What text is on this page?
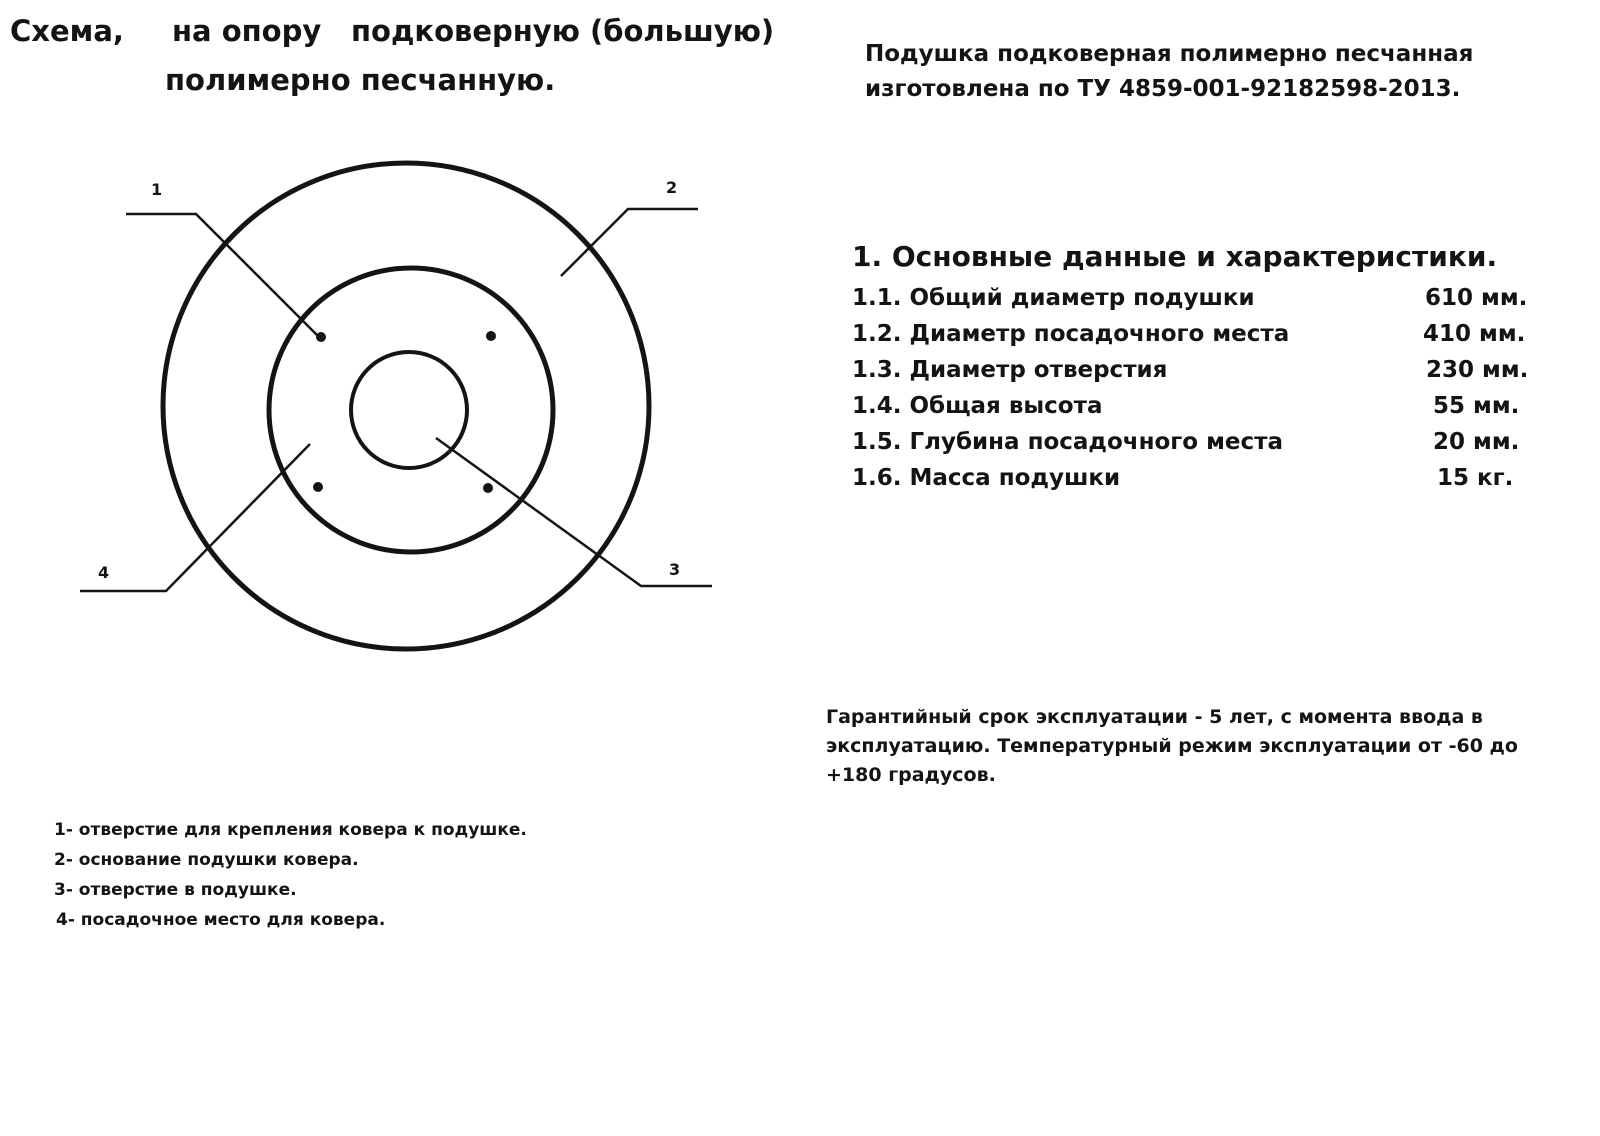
Схема, на опору подковерную (большую)
полимерно песчанную.
Подушка подковерная полимерно песчанная
изготовлена по ТУ 4859-001-92182598-2013.
1. Основные данные и характеристики.
1.1. Общий диаметр подушки	610 мм.
1.2. Диаметр посадочного места	410 мм.
1.3. Диаметр отверстия	230 мм.
1.4. Общая высота	55 мм.
1.5. Глубина посадочного места	20 мм.
1.6. Масса подушки	15 кг.
Гарантийный срок эксплуатации - 5 лет, с момента ввода в
эксплуатацию. Температурный режим эксплуатации от -60 до
+180 градусов.
1	2
3
4
1- отверстие для крепления ковера к подушке.
2- основание подушки ковера.
3- отверстие в подушке.
4- посадочное место для ковера.
